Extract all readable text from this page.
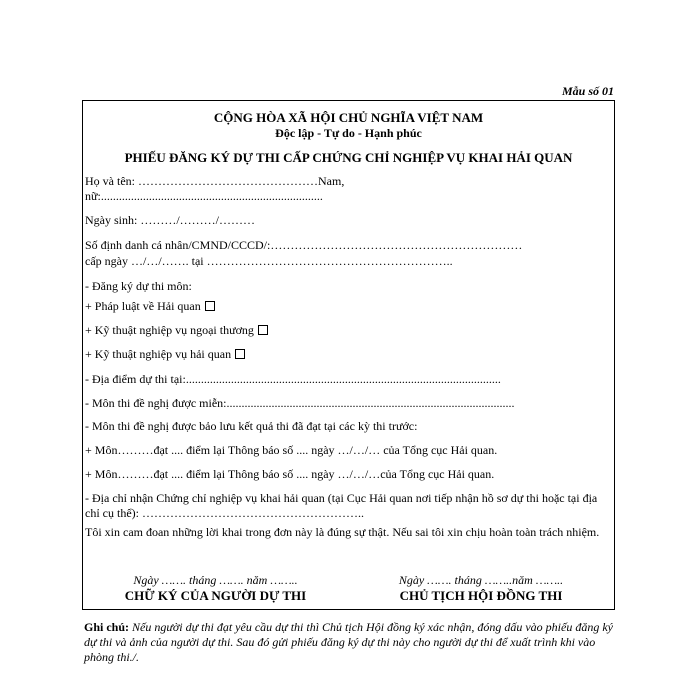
Mẫu số 01
CỘNG HÒA XÃ HỘI CHỦ NGHĨA VIỆT NAM
Độc lập - Tự do - Hạnh phúc
PHIẾU ĐĂNG KÝ DỰ THI CẤP CHỨNG CHỈ NGHIỆP VỤ KHAI HẢI QUAN
Họ và tên: ………………………………………Nam,
nữ:..........................................................................
Ngày sinh: ………/………/………
Số định danh cá nhân/CMND/CCCD/:………………………………………………………
cấp ngày …/…/……. tại ……………………………………………………..
- Đăng ký dự thi môn:
+ Pháp luật về Hải quan
+ Kỹ thuật nghiệp vụ ngoại thương
+ Kỹ thuật nghiệp vụ hải quan
- Địa điểm dự thi tại:.........................................................................................................
- Môn thi đề nghị được miễn:................................................................................................
- Môn thi đề nghị được bảo lưu kết quả thi đã đạt tại các kỳ thi trước:
+ Môn………đạt .... điểm lại Thông báo số .... ngày …/…/… của Tổng cục Hải quan.
+ Môn………đạt .... điểm lại Thông báo số .... ngày …/…/…của Tổng cục Hải quan.
- Địa chỉ nhận Chứng chỉ nghiệp vụ khai hải quan (tại Cục Hải quan nơi tiếp nhận hồ sơ dự thi hoặc tại địa chỉ cụ thể): ………………………………………………..
Tôi xin cam đoan những lời khai trong đơn này là đúng sự thật. Nếu sai tôi xin chịu hoàn toàn trách nhiệm.
Ngày ……. tháng ……. năm ……..
CHỮ KÝ CỦA NGƯỜI DỰ THI
Ngày ……. tháng ……..năm ……..
CHỦ TỊCH HỘI ĐỒNG THI
Ghi chú: Nếu người dự thi đạt yêu cầu dự thi thì Chủ tịch Hội đồng ký xác nhận, đóng dấu vào phiếu đăng ký dự thi và ảnh của người dự thi. Sau đó gửi phiếu đăng ký dự thi này cho người dự thi để xuất trình khi vào phòng thi./.
